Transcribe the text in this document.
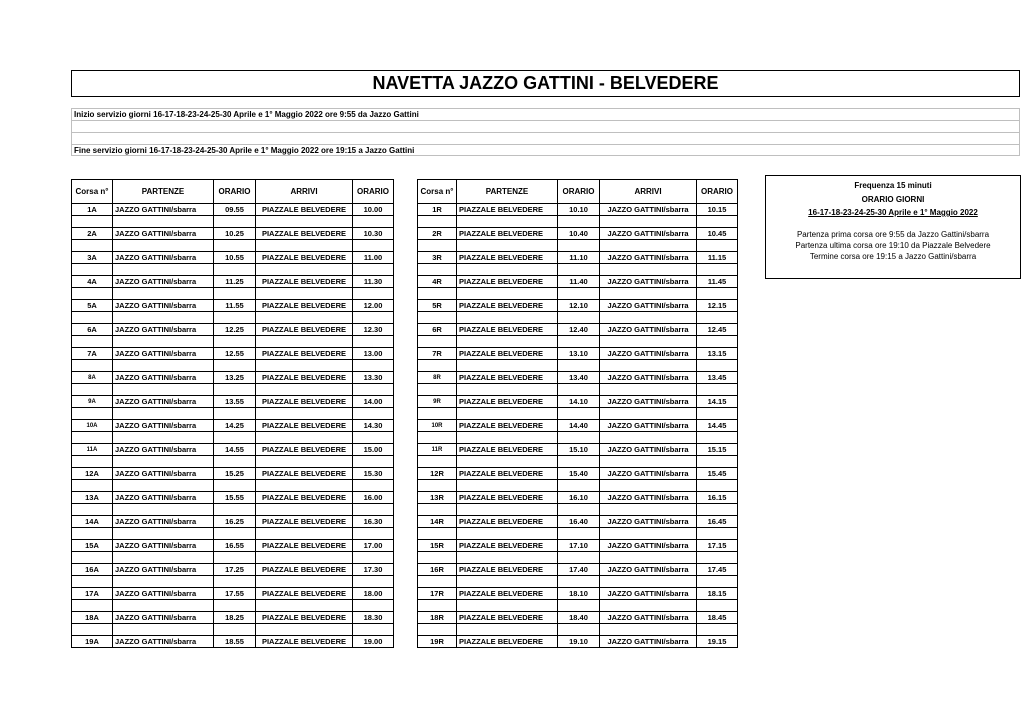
NAVETTA JAZZO GATTINI - BELVEDERE
Inizio servizio giorni 16-17-18-23-24-25-30 Aprile e 1° Maggio 2022 ore 9:55 da Jazzo Gattini
Fine servizio giorni 16-17-18-23-24-25-30 Aprile e 1° Maggio 2022 ore 19:15 a Jazzo Gattini
Corsa n°	PARTENZE	ORARIO	ARRIVI	ORARIO
1A	JAZZO GATTINI/sbarra	09.55	PIAZZALE BELVEDERE	10.00

2A	JAZZO GATTINI/sbarra	10.25	PIAZZALE BELVEDERE	10.30

3A	JAZZO GATTINI/sbarra	10.55	PIAZZALE BELVEDERE	11.00

4A	JAZZO GATTINI/sbarra	11.25	PIAZZALE BELVEDERE	11.30

5A	JAZZO GATTINI/sbarra	11.55	PIAZZALE BELVEDERE	12.00

6A	JAZZO GATTINI/sbarra	12.25	PIAZZALE BELVEDERE	12.30

7A	JAZZO GATTINI/sbarra	12.55	PIAZZALE BELVEDERE	13.00

8A	JAZZO GATTINI/sbarra	13.25	PIAZZALE BELVEDERE	13.30

9A	JAZZO GATTINI/sbarra	13.55	PIAZZALE BELVEDERE	14.00

10A	JAZZO GATTINI/sbarra	14.25	PIAZZALE BELVEDERE	14.30

11A	JAZZO GATTINI/sbarra	14.55	PIAZZALE BELVEDERE	15.00

12A	JAZZO GATTINI/sbarra	15.25	PIAZZALE BELVEDERE	15.30

13A	JAZZO GATTINI/sbarra	15.55	PIAZZALE BELVEDERE	16.00

14A	JAZZO GATTINI/sbarra	16.25	PIAZZALE BELVEDERE	16.30

15A	JAZZO GATTINI/sbarra	16.55	PIAZZALE BELVEDERE	17.00

16A	JAZZO GATTINI/sbarra	17.25	PIAZZALE BELVEDERE	17.30

17A	JAZZO GATTINI/sbarra	17.55	PIAZZALE BELVEDERE	18.00

18A	JAZZO GATTINI/sbarra	18.25	PIAZZALE BELVEDERE	18.30

19A	JAZZO GATTINI/sbarra	18.55	PIAZZALE BELVEDERE	19.00
Corsa n°	PARTENZE	ORARIO	ARRIVI	ORARIO
1R	PIAZZALE BELVEDERE	10.10	JAZZO GATTINI/sbarra	10.15

2R	PIAZZALE BELVEDERE	10.40	JAZZO GATTINI/sbarra	10.45

3R	PIAZZALE BELVEDERE	11.10	JAZZO GATTINI/sbarra	11.15

4R	PIAZZALE BELVEDERE	11.40	JAZZO GATTINI/sbarra	11.45

5R	PIAZZALE BELVEDERE	12.10	JAZZO GATTINI/sbarra	12.15

6R	PIAZZALE BELVEDERE	12.40	JAZZO GATTINI/sbarra	12.45

7R	PIAZZALE BELVEDERE	13.10	JAZZO GATTINI/sbarra	13.15

8R	PIAZZALE BELVEDERE	13.40	JAZZO GATTINI/sbarra	13.45

9R	PIAZZALE BELVEDERE	14.10	JAZZO GATTINI/sbarra	14.15

10R	PIAZZALE BELVEDERE	14.40	JAZZO GATTINI/sbarra	14.45

11R	PIAZZALE BELVEDERE	15.10	JAZZO GATTINI/sbarra	15.15

12R	PIAZZALE BELVEDERE	15.40	JAZZO GATTINI/sbarra	15.45

13R	PIAZZALE BELVEDERE	16.10	JAZZO GATTINI/sbarra	16.15

14R	PIAZZALE BELVEDERE	16.40	JAZZO GATTINI/sbarra	16.45

15R	PIAZZALE BELVEDERE	17.10	JAZZO GATTINI/sbarra	17.15

16R	PIAZZALE BELVEDERE	17.40	JAZZO GATTINI/sbarra	17.45

17R	PIAZZALE BELVEDERE	18.10	JAZZO GATTINI/sbarra	18.15

18R	PIAZZALE BELVEDERE	18.40	JAZZO GATTINI/sbarra	18.45

19R	PIAZZALE BELVEDERE	19.10	JAZZO GATTINI/sbarra	19.15
Frequenza 15 minuti
ORARIO GIORNI
16-17-18-23-24-25-30 Aprile e 1° Maggio 2022
Partenza prima corsa ore 9:55 da Jazzo Gattini/sbarra
Partenza ultima corsa ore 19:10 da Piazzale Belvedere
Termine corsa ore 19:15 a Jazzo Gattini/sbarra
